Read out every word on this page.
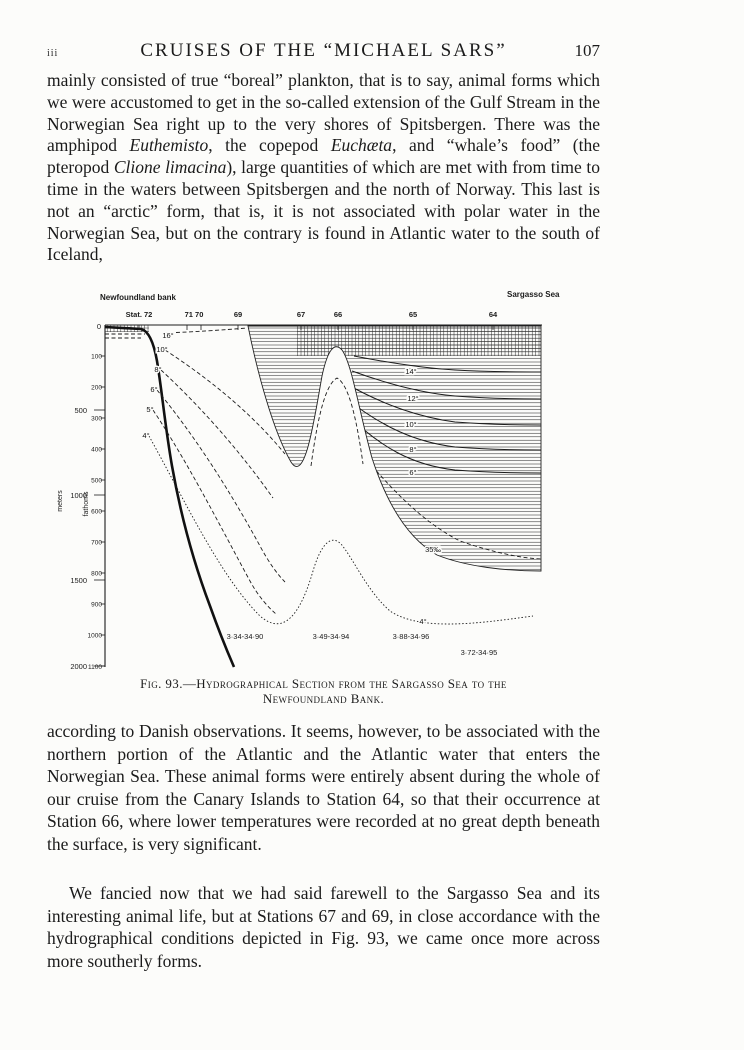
iii	CRUISES OF THE “MICHAEL SARS”	107

mainly consisted of true “boreal” plankton, that is to say, animal forms which we were accustomed to get in the so-called extension of the Gulf Stream in the Norwegian Sea right up to the very shores of Spitsbergen. There was the amphipod Euthemisto, the copepod Euchæta, and “whale’s food” (the pteropod Clione limacina), large quantities of which are met with from time to time in the waters between Spitsbergen and the north of Norway. This last is not an “arctic” form, that is, it is not associated with polar water in the Norwegian Sea, but on the contrary is found in Atlantic water to the south of Iceland,

Newfoundland bank	Sargasso Sea
Stat. 72	71 70	69	67	66	65	64
0
500
1000
1500
2000
100
200
300
400
500
600
700
800
900
1000
1100
meters	fathoms
16°
10°
8°
6°
5°
4°
14°
12°
10°
8°
6°
35‰
4°
3·34-34·90	3·49-34·94	3·88-34·96
3·72-34·95
Fig. 93.—Hydrographical Section from the Sargasso Sea to the
Newfoundland Bank.

according to Danish observations. It seems, however, to be associated with the northern portion of the Atlantic and the Atlantic water that enters the Norwegian Sea. These animal forms were entirely absent during the whole of our cruise from the Canary Islands to Station 64, so that their occurrence at Station 66, where lower temperatures were recorded at no great depth beneath the surface, is very significant.

We fancied now that we had said farewell to the Sargasso Sea and its interesting animal life, but at Stations 67 and 69, in close accordance with the hydrographical conditions depicted in Fig. 93, we came once more across more southerly forms.
